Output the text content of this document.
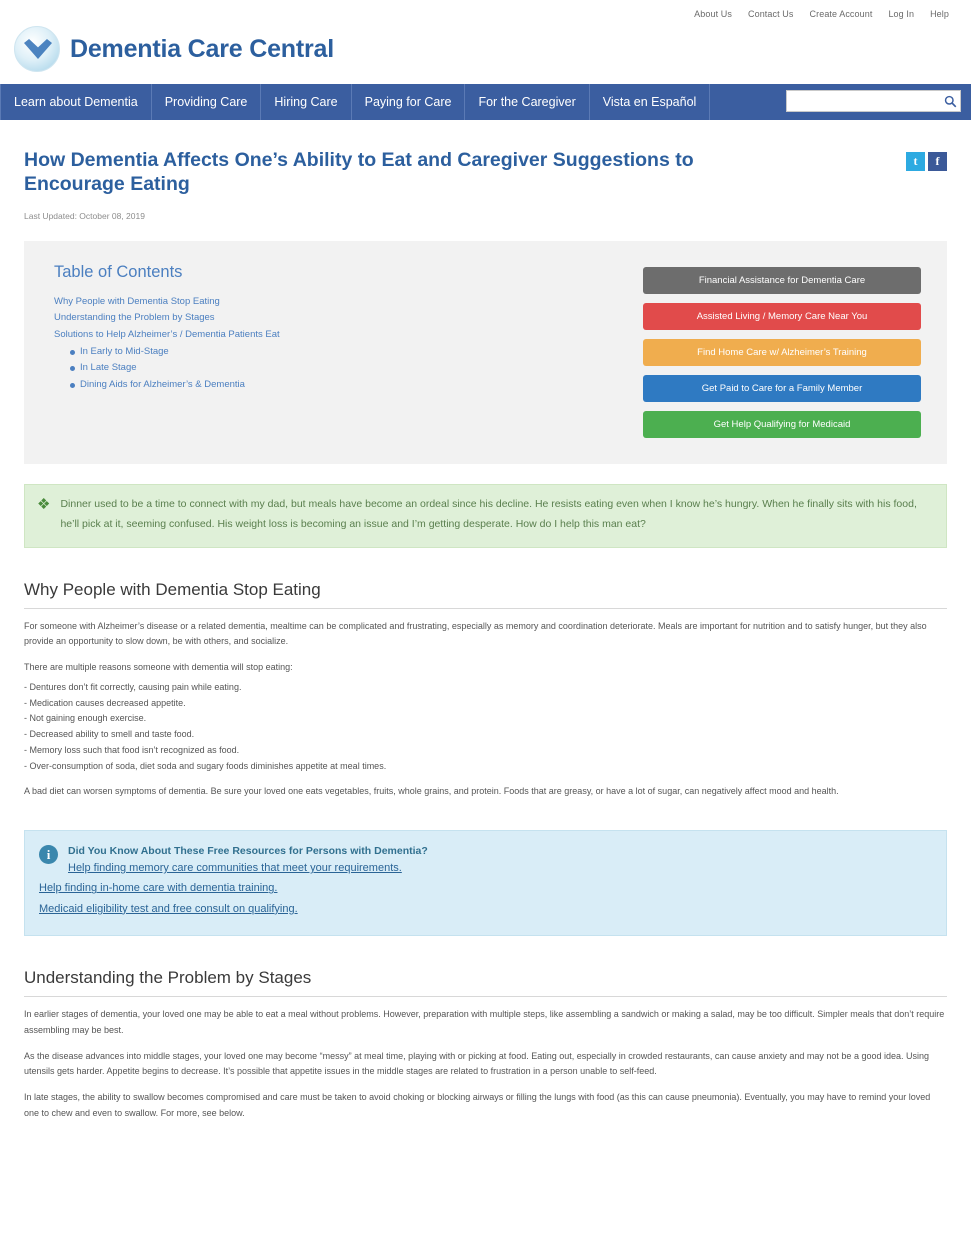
About Us Contact Us Create Account Log In Help
Dementia Care Central
Learn about Dementia	Providing Care	Hiring Care	Paying for Care	For the Caregiver	Vista en Español
How Dementia Affects One’s Ability to Eat and Caregiver Suggestions to Encourage Eating
t	f

Last Updated: October 08, 2019

Table of Contents
Why People with Dementia Stop Eating
Understanding the Problem by Stages
Solutions to Help Alzheimer’s / Dementia Patients Eat
In Early to Mid-Stage
In Late Stage
Dining Aids for Alzheimer’s & Dementia
Financial Assistance for Dementia Care
Assisted Living / Memory Care Near You
Find Home Care w/ Alzheimer’s Training
Get Paid to Care for a Family Member
Get Help Qualifying for Medicaid
❖ Dinner used to be a time to connect with my dad, but meals have become an ordeal since his decline. He resists eating even when I know he’s hungry. When he finally sits with his food, he’ll pick at it, seeming confused. His weight loss is becoming an issue and I’m getting desperate. How do I help this man eat?
Why People with Dementia Stop Eating

For someone with Alzheimer’s disease or a related dementia, mealtime can be complicated and frustrating, especially as memory and coordination deteriorate. Meals are important for nutrition and to satisfy hunger, but they also provide an opportunity to slow down, be with others, and socialize.

There are multiple reasons someone with dementia will stop eating:

- Dentures don’t fit correctly, causing pain while eating.
- Medication causes decreased appetite.
- Not gaining enough exercise.
- Decreased ability to smell and taste food.
- Memory loss such that food isn’t recognized as food.
- Over-consumption of soda, diet soda and sugary foods diminishes appetite at meal times.

A bad diet can worsen symptoms of dementia. Be sure your loved one eats vegetables, fruits, whole grains, and protein. Foods that are greasy, or have a lot of sugar, can negatively affect mood and health.

i	Did You Know About These Free Resources for Persons with Dementia?
Help finding memory care communities that meet your requirements.
Help finding in-home care with dementia training.
Medicaid eligibility test and free consult on qualifying.
Understanding the Problem by Stages

In earlier stages of dementia, your loved one may be able to eat a meal without problems. However, preparation with multiple steps, like assembling a sandwich or making a salad, may be too difficult. Simpler meals that don’t require assembling may be best.

As the disease advances into middle stages, your loved one may become “messy” at meal time, playing with or picking at food. Eating out, especially in crowded restaurants, can cause anxiety and may not be a good idea. Using utensils gets harder. Appetite begins to decrease. It’s possible that appetite issues in the middle stages are related to frustration in a person unable to self-feed.

In late stages, the ability to swallow becomes compromised and care must be taken to avoid choking or blocking airways or filling the lungs with food (as this can cause pneumonia). Eventually, you may have to remind your loved one to chew and even to swallow. For more, see below.
